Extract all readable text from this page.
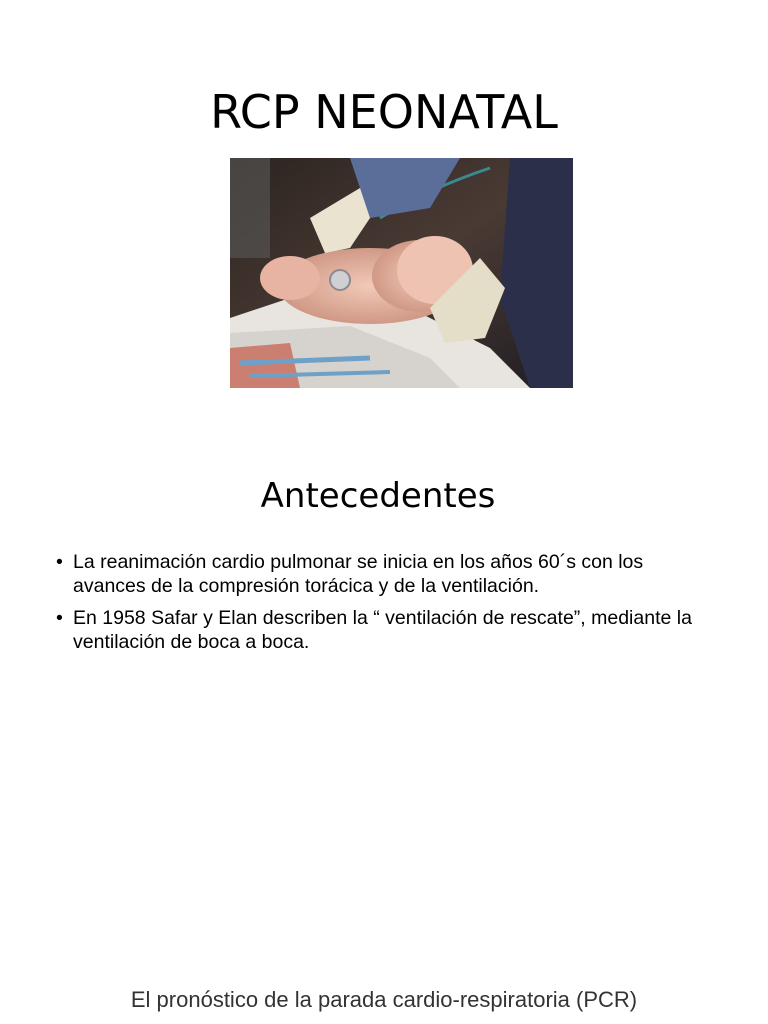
RCP NEONATAL
Antecedentes
• La reanimación cardio pulmonar se inicia en los años 60´s con los avances de la compresión torácica y de la ventilación.
• En 1958 Safar y Elan describen la “ ventilación de rescate”, mediante la ventilación de boca a boca.

El pronóstico de la parada cardio-respiratoria (PCR)
